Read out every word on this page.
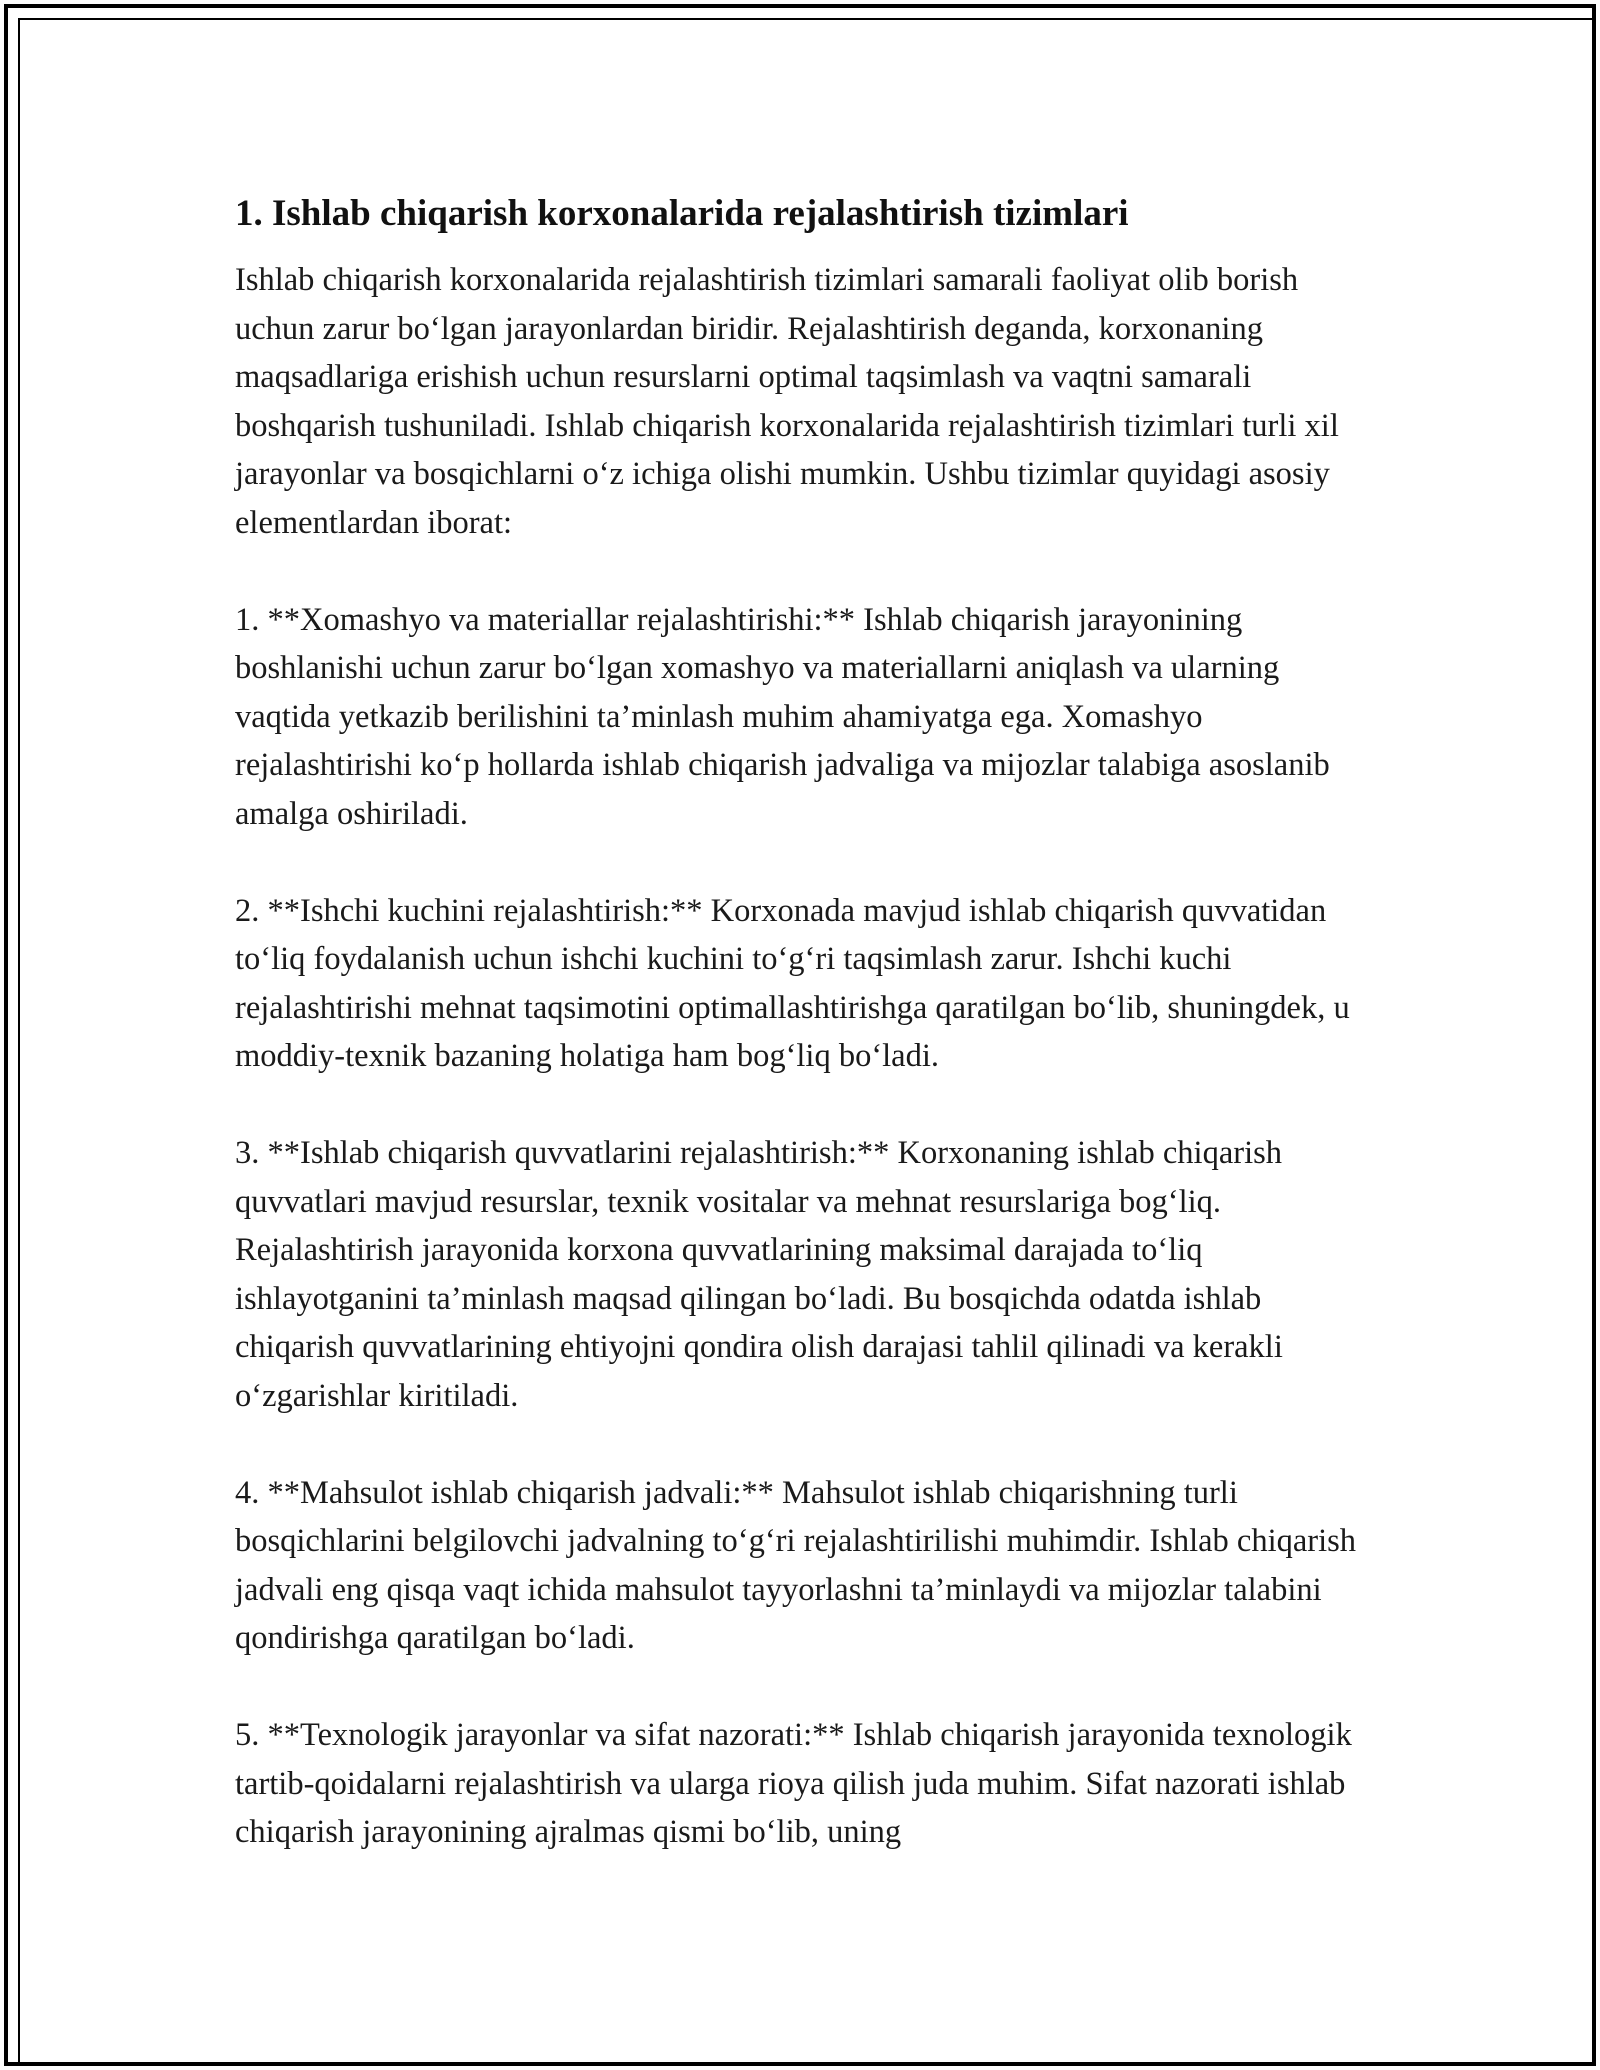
1. Ishlab chiqarish korxonalarida rejalashtirish tizimlari

Ishlab chiqarish korxonalarida rejalashtirish tizimlari samarali faoliyat olib borish uchun zarur bo‘lgan jarayonlardan biridir. Rejalashtirish deganda, korxonaning maqsadlariga erishish uchun resurslarni optimal taqsimlash va vaqtni samarali boshqarish tushuniladi. Ishlab chiqarish korxonalarida rejalashtirish tizimlari turli xil jarayonlar va bosqichlarni o‘z ichiga olishi mumkin. Ushbu tizimlar quyidagi asosiy elementlardan iborat:

1. **Xomashyo va materiallar rejalashtirishi:** Ishlab chiqarish jarayonining boshlanishi uchun zarur bo‘lgan xomashyo va materiallarni aniqlash va ularning vaqtida yetkazib berilishini ta’minlash muhim ahamiyatga ega. Xomashyo rejalashtirishi ko‘p hollarda ishlab chiqarish jadvaliga va mijozlar talabiga asoslanib amalga oshiriladi.

2. **Ishchi kuchini rejalashtirish:** Korxonada mavjud ishlab chiqarish quvvatidan to‘liq foydalanish uchun ishchi kuchini to‘g‘ri taqsimlash zarur. Ishchi kuchi rejalashtirishi mehnat taqsimotini optimallashtirishga qaratilgan bo‘lib, shuningdek, u moddiy-texnik bazaning holatiga ham bog‘liq bo‘ladi.

3. **Ishlab chiqarish quvvatlarini rejalashtirish:** Korxonaning ishlab chiqarish quvvatlari mavjud resurslar, texnik vositalar va mehnat resurslariga bog‘liq. Rejalashtirish jarayonida korxona quvvatlarining maksimal darajada to‘liq ishlayotganini ta’minlash maqsad qilingan bo‘ladi. Bu bosqichda odatda ishlab chiqarish quvvatlarining ehtiyojni qondira olish darajasi tahlil qilinadi va kerakli o‘zgarishlar kiritiladi.

4. **Mahsulot ishlab chiqarish jadvali:** Mahsulot ishlab chiqarishning turli bosqichlarini belgilovchi jadvalning to‘g‘ri rejalashtirilishi muhimdir. Ishlab chiqarish jadvali eng qisqa vaqt ichida mahsulot tayyorlashni ta’minlaydi va mijozlar talabini qondirishga qaratilgan bo‘ladi.

5. **Texnologik jarayonlar va sifat nazorati:** Ishlab chiqarish jarayonida texnologik tartib-qoidalarni rejalashtirish va ularga rioya qilish juda muhim. Sifat nazorati ishlab chiqarish jarayonining ajralmas qismi bo‘lib, uning
